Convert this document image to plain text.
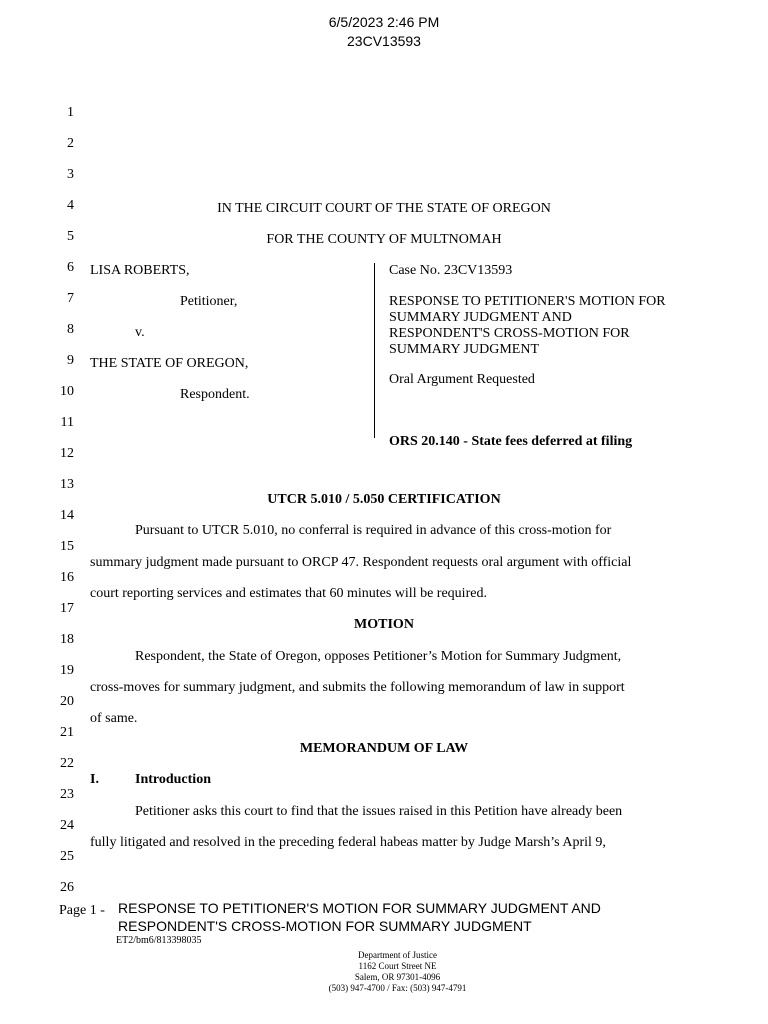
6/5/2023 2:46 PM
23CV13593
1
2
3
4
5
6
7
8
9
10
11
12
13
14
15
16
17
18
19
20
21
22
23
24
25
26
IN THE CIRCUIT COURT OF THE STATE OF OREGON
FOR THE COUNTY OF MULTNOMAH
LISA ROBERTS,
Petitioner,
v.
THE STATE OF OREGON,
Respondent.
Case No. 23CV13593
RESPONSE TO PETITIONER'S MOTION FOR
SUMMARY JUDGMENT AND
RESPONDENT'S CROSS-MOTION FOR
SUMMARY JUDGMENT
Oral Argument Requested
ORS 20.140 - State fees deferred at filing
UTCR 5.010 / 5.050 CERTIFICATION
Pursuant to UTCR 5.010, no conferral is required in advance of this cross-motion for
summary judgment made pursuant to ORCP 47. Respondent requests oral argument with official
court reporting services and estimates that 60 minutes will be required.
MOTION
Respondent, the State of Oregon, opposes Petitioner’s Motion for Summary Judgment,
cross-moves for summary judgment, and submits the following memorandum of law in support
of same.
MEMORANDUM OF LAW
I.	Introduction
Petitioner asks this court to find that the issues raised in this Petition have already been
fully litigated and resolved in the preceding federal habeas matter by Judge Marsh’s April 9,
Page 1 - RESPONSE TO PETITIONER'S MOTION FOR SUMMARY JUDGMENT AND
RESPONDENT'S CROSS-MOTION FOR SUMMARY JUDGMENT
ET2/bm6/813398035
Department of Justice
1162 Court Street NE
Salem, OR 97301-4096
(503) 947-4700 / Fax: (503) 947-4791
